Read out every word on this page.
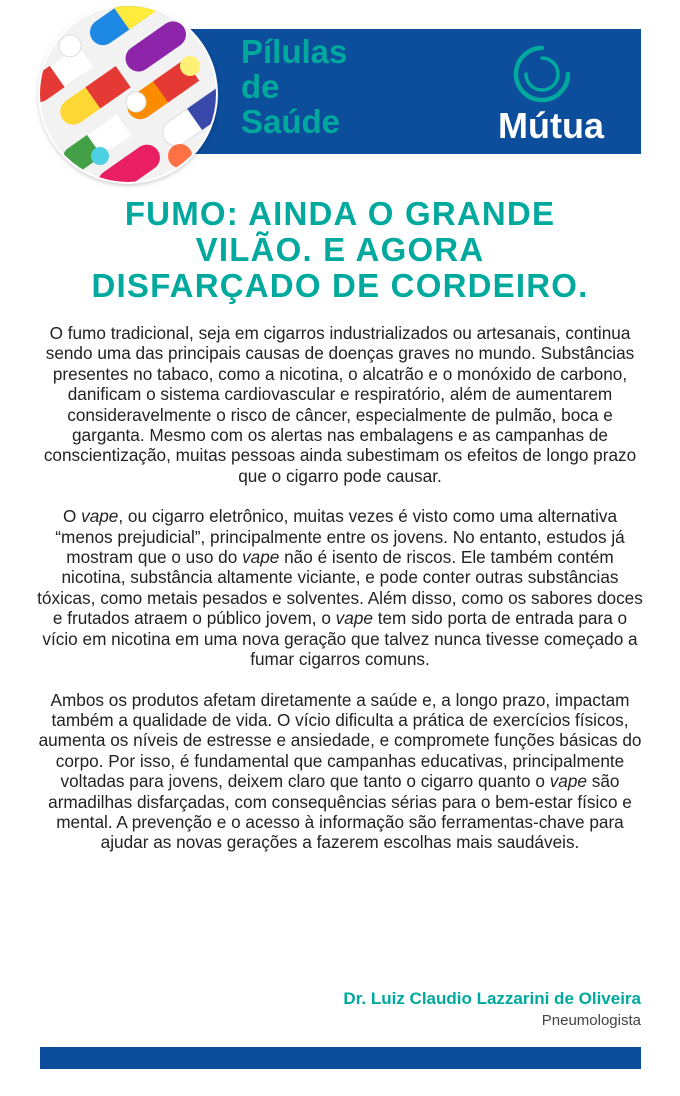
Pílulas
de
Saúde	Mútua
FUMO: AINDA O GRANDE
VILÃO. E AGORA
DISFARÇADO DE CORDEIRO.

O fumo tradicional, seja em cigarros industrializados ou artesanais, continua sendo uma das principais causas de doenças graves no mundo. Substâncias presentes no tabaco, como a nicotina, o alcatrão e o monóxido de carbono, danificam o sistema cardiovascular e respiratório, além de aumentarem consideravelmente o risco de câncer, especialmente de pulmão, boca e garganta. Mesmo com os alertas nas embalagens e as campanhas de conscientização, muitas pessoas ainda subestimam os efeitos de longo prazo que o cigarro pode causar.

O vape, ou cigarro eletrônico, muitas vezes é visto como uma alternativa “menos prejudicial”, principalmente entre os jovens. No entanto, estudos já mostram que o uso do vape não é isento de riscos. Ele também contém nicotina, substância altamente viciante, e pode conter outras substâncias tóxicas, como metais pesados e solventes. Além disso, como os sabores doces e frutados atraem o público jovem, o vape tem sido porta de entrada para o vício em nicotina em uma nova geração que talvez nunca tivesse começado a fumar cigarros comuns.

Ambos os produtos afetam diretamente a saúde e, a longo prazo, impactam também a qualidade de vida. O vício dificulta a prática de exercícios físicos, aumenta os níveis de estresse e ansiedade, e compromete funções básicas do corpo. Por isso, é fundamental que campanhas educativas, principalmente voltadas para jovens, deixem claro que tanto o cigarro quanto o vape são armadilhas disfarçadas, com consequências sérias para o bem-estar físico e mental. A prevenção e o acesso à informação são ferramentas-chave para ajudar as novas gerações a fazerem escolhas mais saudáveis.

Dr. Luiz Claudio Lazzarini de Oliveira
Pneumologista
